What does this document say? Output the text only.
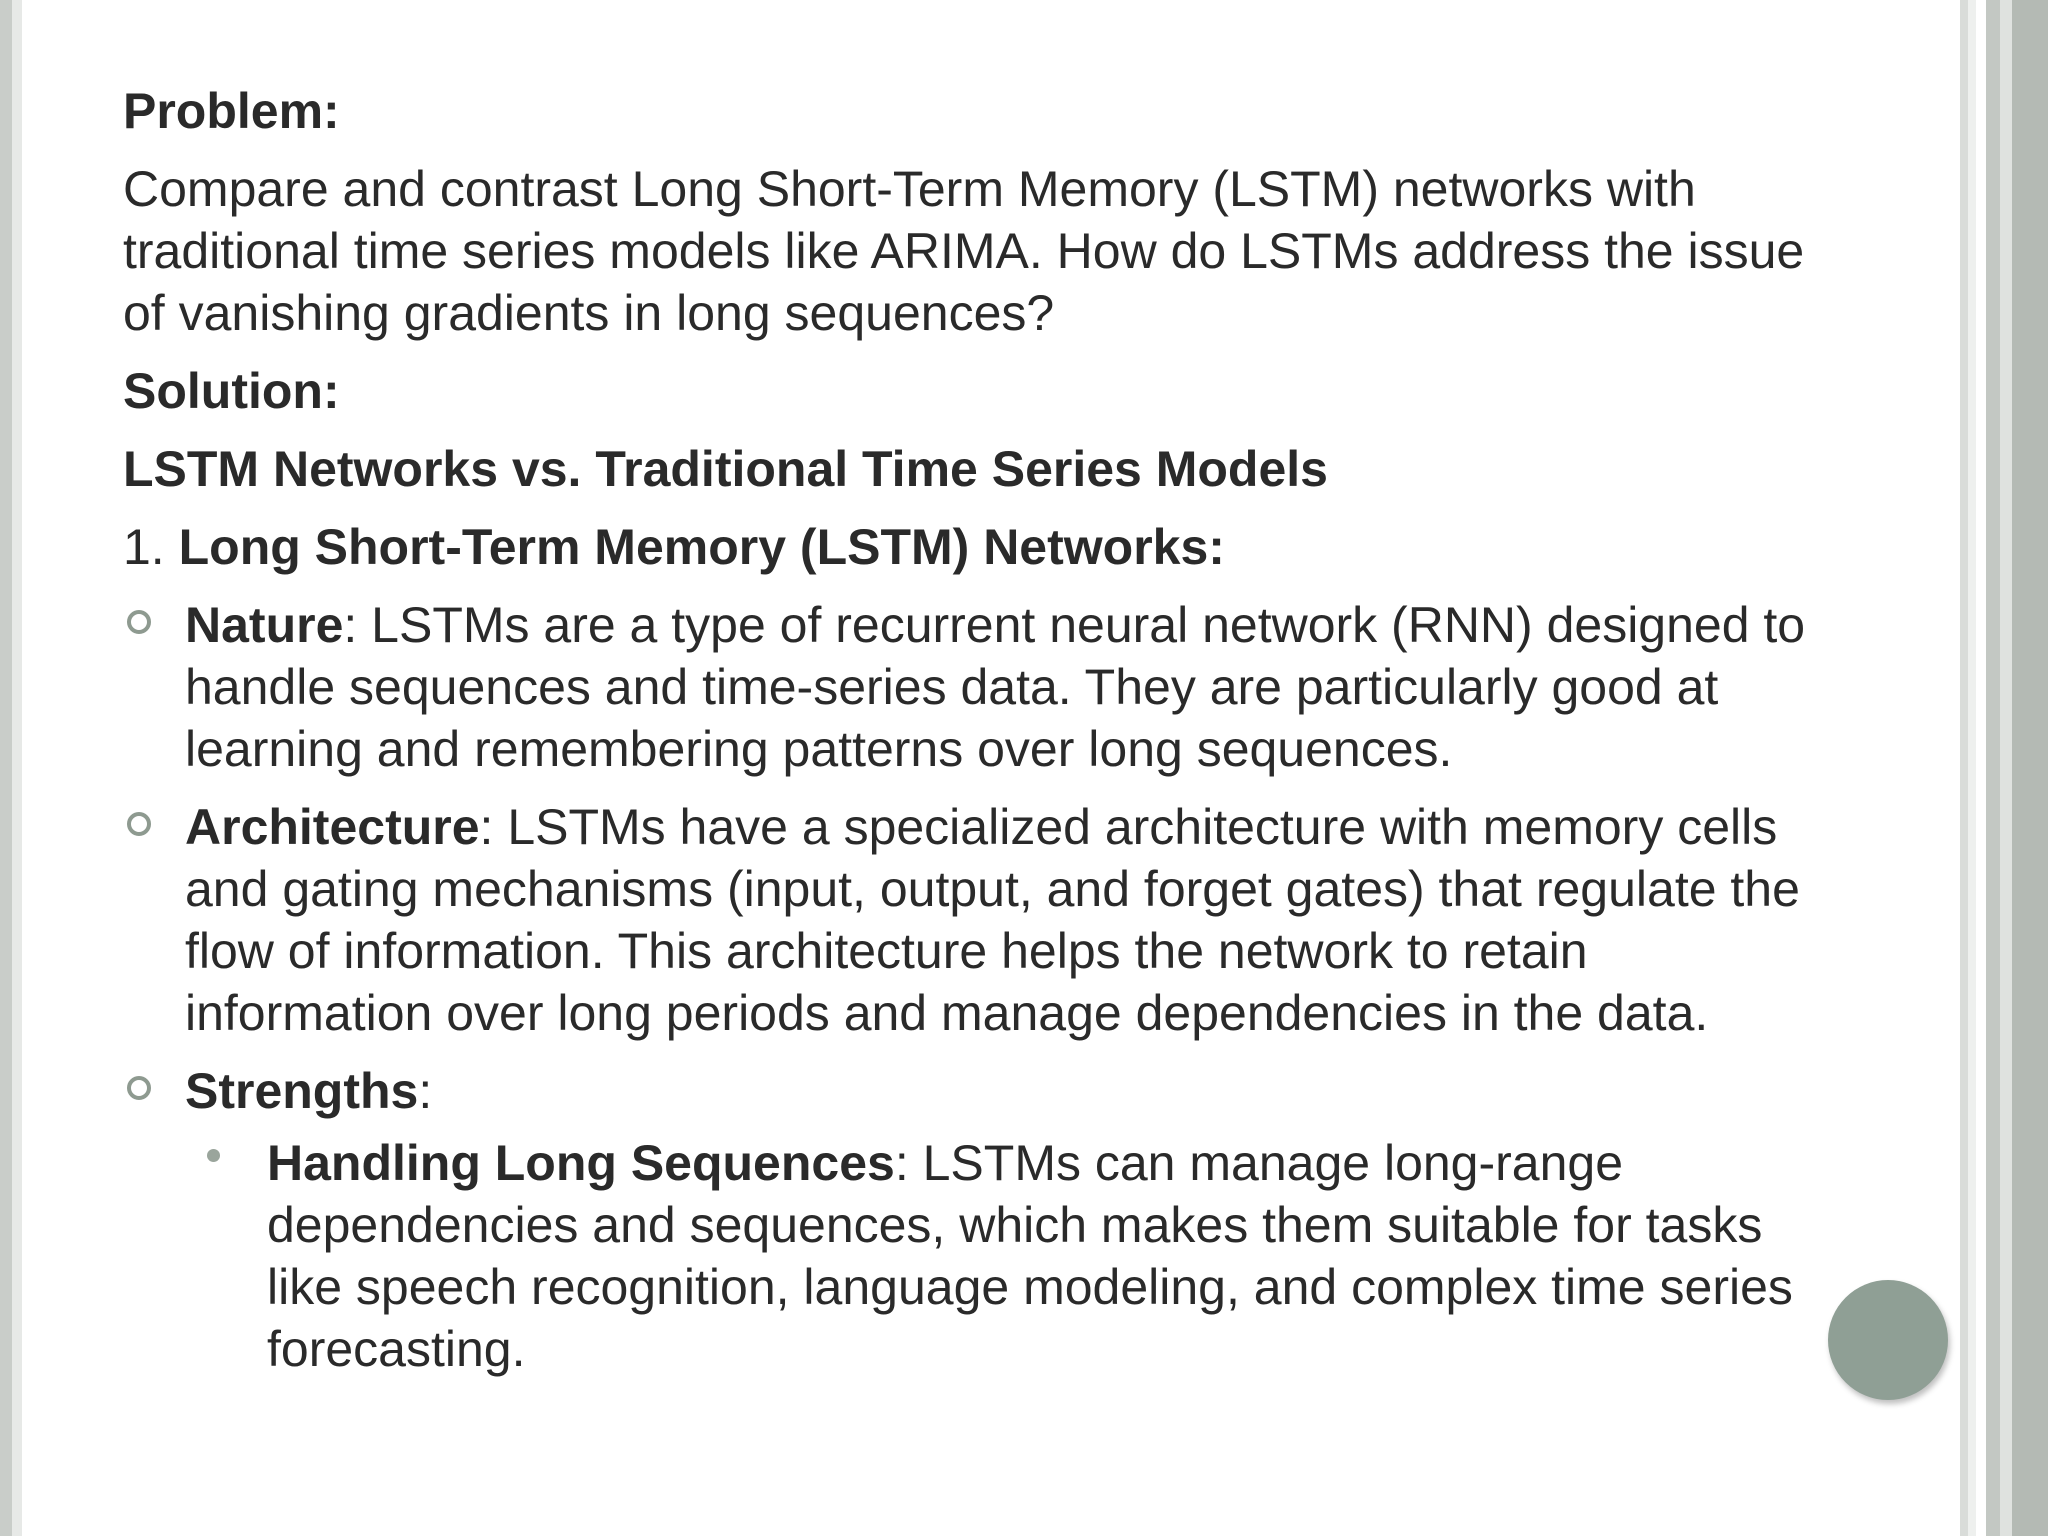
Problem:

Compare and contrast Long Short-Term Memory (LSTM) networks with traditional time series models like ARIMA. How do LSTMs address the issue of vanishing gradients in long sequences?

Solution:

LSTM Networks vs. Traditional Time Series Models

1. Long Short-Term Memory (LSTM) Networks:

Nature: LSTMs are a type of recurrent neural network (RNN) designed to handle sequences and time-series data. They are particularly good at learning and remembering patterns over long sequences.
Architecture: LSTMs have a specialized architecture with memory cells and gating mechanisms (input, output, and forget gates) that regulate the flow of information. This architecture helps the network to retain information over long periods and manage dependencies in the data.
Strengths:
Handling Long Sequences: LSTMs can manage long-range dependencies and sequences, which makes them suitable for tasks like speech recognition, language modeling, and complex time series forecasting.
